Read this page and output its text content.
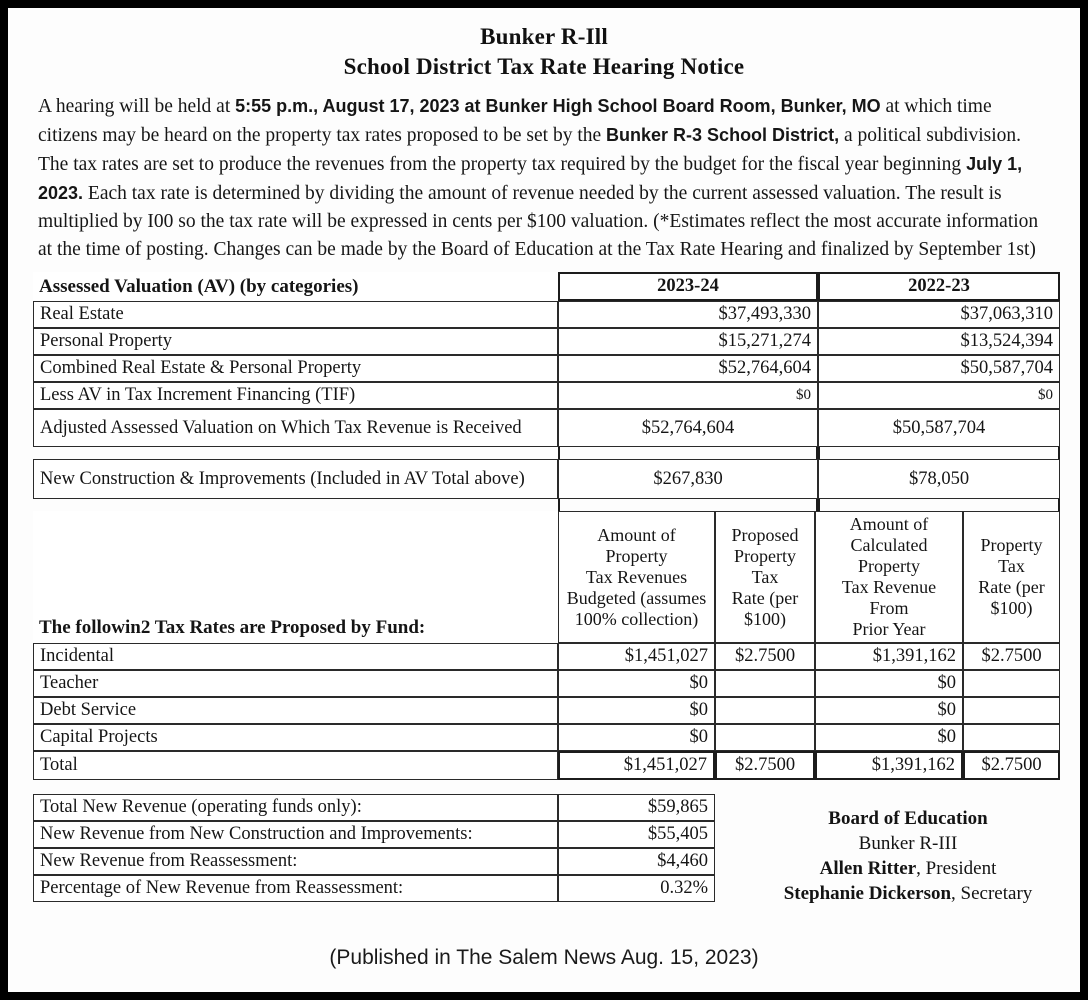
Bunker R-Ill
School District Tax Rate Hearing Notice

A hearing will be held at 5:55 p.m., August 17, 2023 at Bunker High School Board Room, Bunker, MO at which time citizens may be heard on the property tax rates proposed to be set by the Bunker R-3 School District, a political subdivision.

The tax rates are set to produce the revenues from the property tax required by the budget for the fiscal year beginning July 1, 2023. Each tax rate is determined by dividing the amount of revenue needed by the current assessed valuation. The result is multiplied by I00 so the tax rate will be expressed in cents per $100 valuation. (*Estimates reflect the most accurate information at the time of posting. Changes can be made by the Board of Education at the Tax Rate Hearing and finalized by September 1st)

Assessed Valuation (AV) (by categories)	2023-24	2022-23
Real Estate	$37,493,330	$37,063,310
Personal Property	$15,271,274	$13,524,394
Combined Real Estate & Personal Property	$52,764,604	$50,587,704
Less AV in Tax Increment Financing (TIF)	$0	$0
Adjusted Assessed Valuation on Which Tax Revenue is Received	$52,764,604	$50,587,704

New Construction & Improvements (Included in AV Total above)	$267,830	$78,050

The followin2 Tax Rates are Proposed by Fund:	Amount of Property
Tax Revenues
Budgeted (assumes
100% collection)	Proposed
Property Tax
Rate (per
$100)	Amount of
Calculated Property
Tax Revenue From
Prior Year	Property Tax
Rate (per
$100)
Incidental	$1,451,027	$2.7500	$1,391,162	$2.7500
Teacher	$0		$0	
Debt Service	$0		$0	
Capital Projects	$0		$0	
Total	$1,451,027	$2.7500	$1,391,162	$2.7500
Total New Revenue (operating funds only):	$59,865
New Revenue from New Construction and Improvements:	$55,405
New Revenue from Reassessment:	$4,460
Percentage of New Revenue from Reassessment:	0.32%
Board of Education
Bunker R-III
Allen Ritter, President
Stephanie Dickerson, Secretary
(Published in The Salem News Aug. 15, 2023)
